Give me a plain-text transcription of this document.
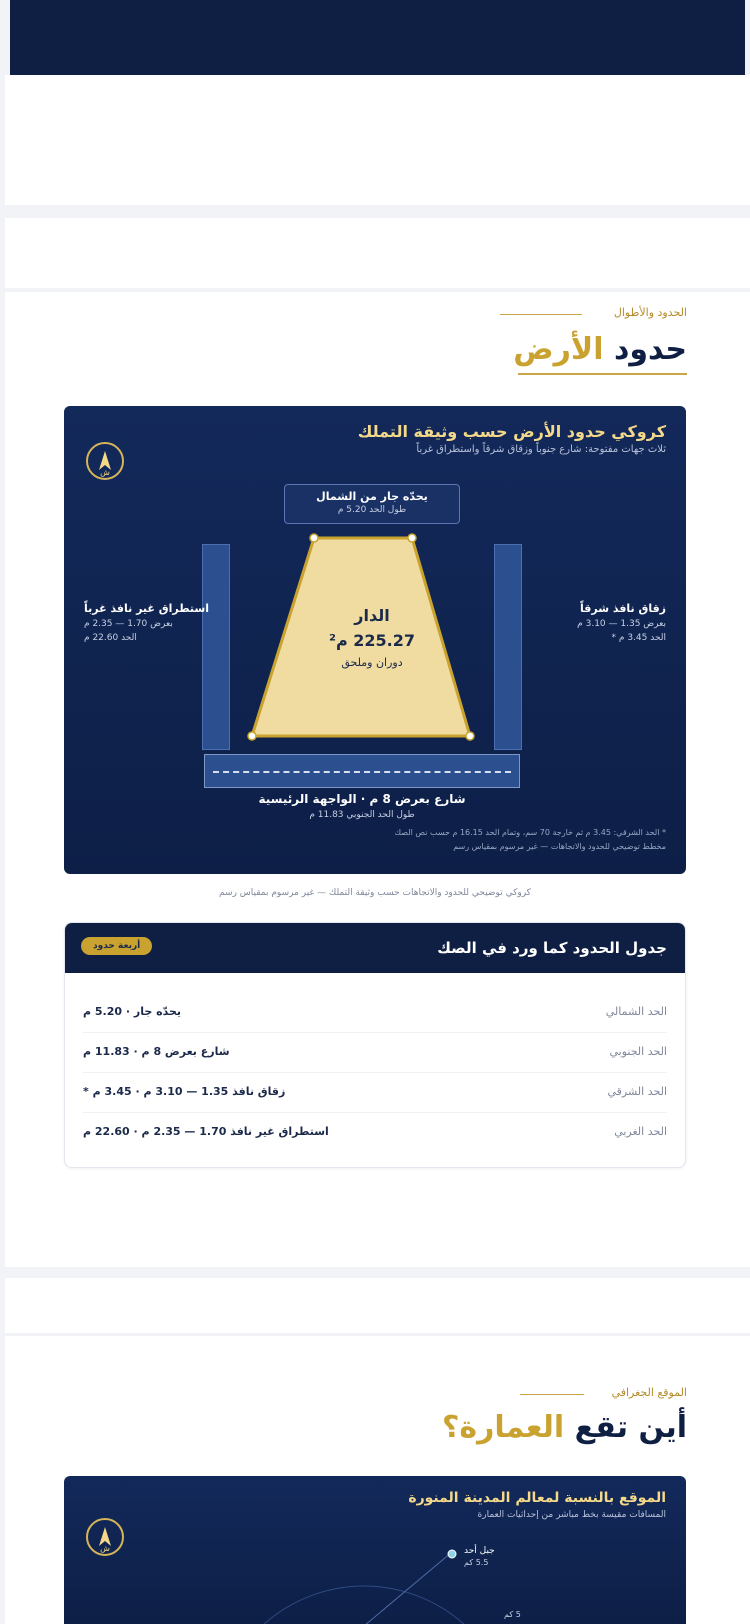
الحدود والأطوال
حدود الأرض
كروكي حدود الأرض حسب وثيقة التملك
ثلاث جهات مفتوحة: شارع جنوباً وزقاق شرقاً واستطراق غرباً
ش
يحدّه جار من الشمال
طول الحد 5.20 م
زقاق نافذ شرقاً
بعرض 1.35 — 3.10 م
الحد 3.45 م *
استطراق غير نافذ غرباً
بعرض 1.70 — 2.35 م
الحد 22.60 م
الدار
225.27 م²
دوران وملحق
شارع بعرض 8 م · الواجهة الرئيسية
طول الحد الجنوبي 11.83 م
* الحد الشرقي: 3.45 م ثم خارجة 70 سم، وتمام الحد 16.15 م حسب نص الصك
مخطط توضيحي للحدود والاتجاهات — غير مرسوم بمقياس رسم
كروكي توضيحي للحدود والاتجاهات حسب وثيقة التملك — غير مرسوم بمقياس رسم
جدول الحدود كما ورد في الصك
أربعة حدود
الحد الشمالي
يحدّه جار · 5.20 م
الحد الجنوبي
شارع بعرض 8 م · 11.83 م
الحد الشرقي
زقاق نافذ 1.35 — 3.10 م · 3.45 م *
الحد الغربي
استطراق غير نافذ 1.70 — 2.35 م · 22.60 م
الموقع الجغرافي
أين تقع العمارة؟
الموقع بالنسبة لمعالم المدينة المنورة
المسافات مقيسة بخط مباشر من إحداثيات العمارة
ش	جبل أحد
5.5 كم
5 كم
